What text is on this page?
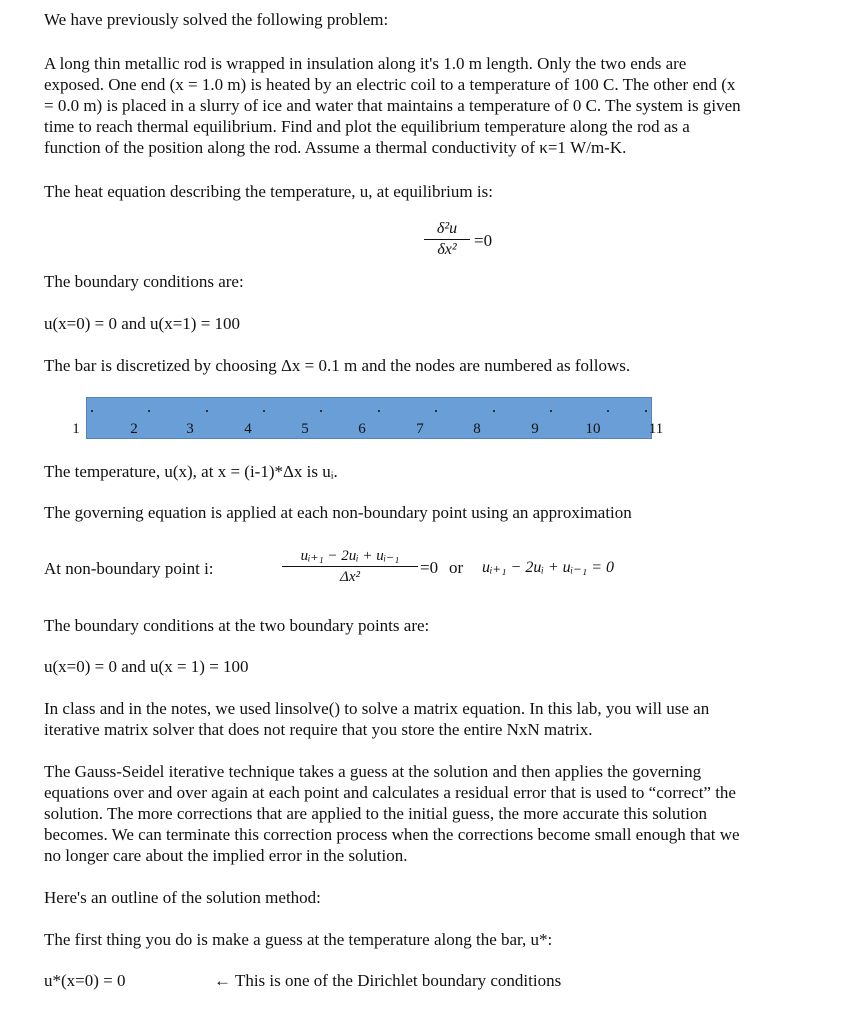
We have previously solved the following problem:

A long thin metallic rod is wrapped in insulation along it's 1.0 m length. Only the two ends are
exposed. One end (x = 1.0 m) is heated by an electric coil to a temperature of 100 C. The other end (x
= 0.0 m) is placed in a slurry of ice and water that maintains a temperature of 0 C. The system is given
time to reach thermal equilibrium. Find and plot the equilibrium temperature along the rod as a
function of the position along the rod. Assume a thermal conductivity of κ=1 W/m-K.

The heat equation describing the temperature, u, at equilibrium is:

δ²u
δx²	=0

The boundary conditions are:

u(x=0) = 0 and u(x=1) = 100

The bar is discretized by choosing Δx = 0.1 m and the nodes are numbered as follows.

1	2	3	4	5	6	7	8	9	10	11

The temperature, u(x), at x = (i-1)*Δx is uᵢ.

The governing equation is applied at each non-boundary point using an approximation

At non-boundary point i:

uᵢ₊₁ − 2uᵢ + uᵢ₋₁
Δx²	=0 or uᵢ₊₁ − 2uᵢ + uᵢ₋₁ = 0

The boundary conditions at the two boundary points are:

u(x=0) = 0 and u(x = 1) = 100

In class and in the notes, we used linsolve() to solve a matrix equation. In this lab, you will use an
iterative matrix solver that does not require that you store the entire NxN matrix.
The Gauss-Seidel iterative technique takes a guess at the solution and then applies the governing
equations over and over again at each point and calculates a residual error that is used to “correct” the
solution. The more corrections that are applied to the initial guess, the more accurate this solution
becomes. We can terminate this correction process when the corrections become small enough that we
no longer care about the implied error in the solution.

Here's an outline of the solution method:

The first thing you do is make a guess at the temperature along the bar, u*:

u*(x=0) = 0	← This is one of the Dirichlet boundary conditions
